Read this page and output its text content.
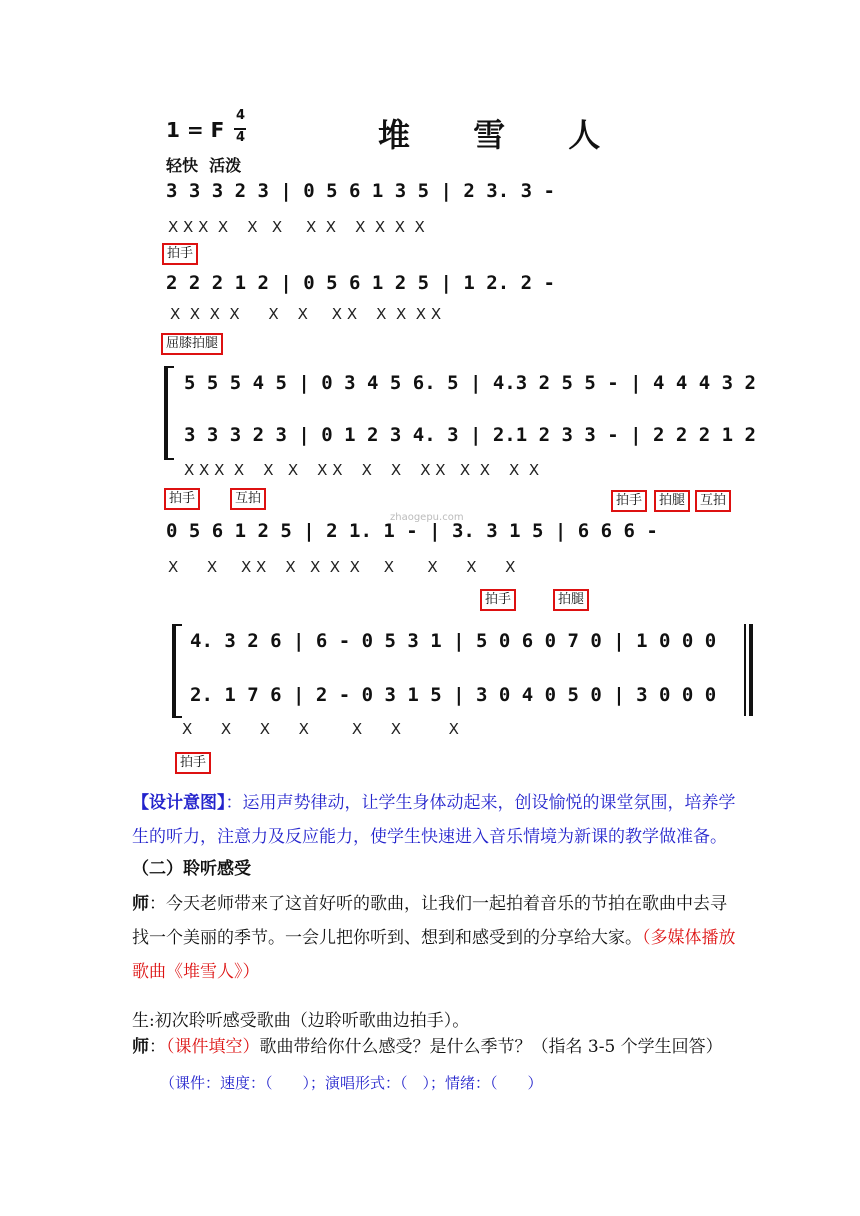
1 = F
4
4	堆 雪 人
轻快  活泼
3 3 3 2 3 | 0 5 6 1 3 5 | 2 3. 3 -
X X X  X    X   X     X  X    X  X  X  X
拍手
2 2 2 1 2 | 0 5 6 1 2 5 | 1 2. 2 -
X  X  X  X      X    X     X X    X  X  X X
屈膝拍腿
5 5 5 4 5 | 0 3 4 5 6. 5 | 4.3 2 5 5 - | 4 4 4 3 2
3 3 3 2 3 | 0 1 2 3 4. 3 | 2.1 2 3 3 - | 2 2 2 1 2
X X X  X    X   X    X X    X    X    X X   X  X    X  X
拍手	互拍	拍手	拍腿	互拍
zhaogepu.com
0 5 6 1 2 5 | 2 1. 1 - | 3. 3 1 5 | 6 6 6 -
X      X     X X    X   X  X  X     X       X      X      X
拍手	拍腿
4. 3 2 6 | 6 - 0 5 3 1 | 5 0 6 0 7 0 | 1 0 0 0
2. 1 7 6 | 2 - 0 3 1 5 | 3 0 4 0 5 0 | 3 0 0 0
X      X      X      X         X      X          X
拍手
【设计意图】：运用声势律动，让学生身体动起来，创设愉悦的课堂氛围，培养学生的听力，注意力及反应能力，使学生快速进入音乐情境为新课的教学做准备。
（二）聆听感受
师：今天老师带来了这首好听的歌曲，让我们一起拍着音乐的节拍在歌曲中去寻找一个美丽的季节。一会儿把你听到、想到和感受到的分享给大家。（多媒体播放歌曲《堆雪人》）
生:初次聆听感受歌曲（边聆听歌曲边拍手）。
师：（课件填空）歌曲带给你什么感受？是什么季节？（指名 3-5 个学生回答）
（课件：速度：（　　）；演唱形式：（　）；情绪：（　　）
